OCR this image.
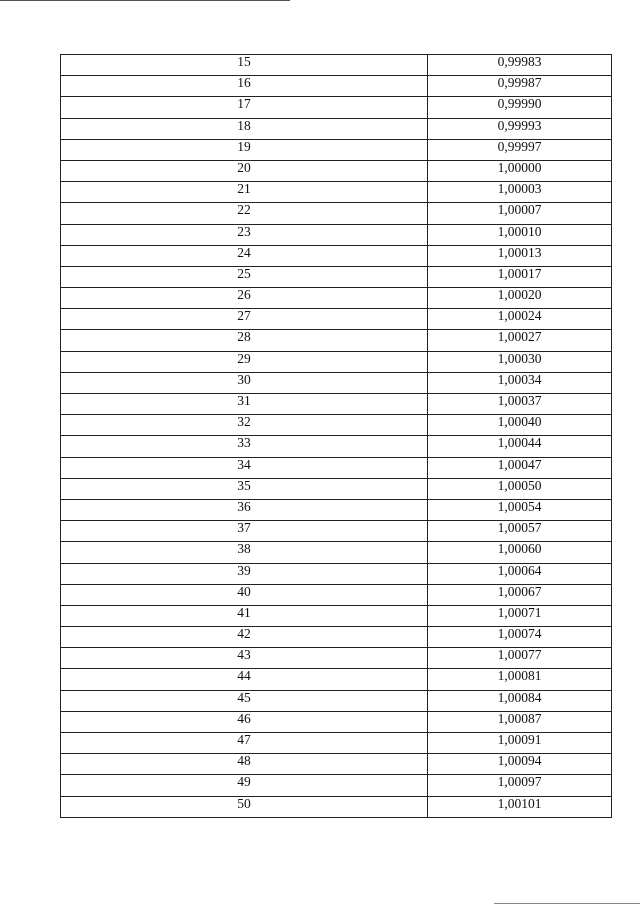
15	0,99983
16	0,99987
17	0,99990
18	0,99993
19	0,99997
20	1,00000
21	1,00003
22	1,00007
23	1,00010
24	1,00013
25	1,00017
26	1,00020
27	1,00024
28	1,00027
29	1,00030
30	1,00034
31	1,00037
32	1,00040
33	1,00044
34	1,00047
35	1,00050
36	1,00054
37	1,00057
38	1,00060
39	1,00064
40	1,00067
41	1,00071
42	1,00074
43	1,00077
44	1,00081
45	1,00084
46	1,00087
47	1,00091
48	1,00094
49	1,00097
50	1,00101
